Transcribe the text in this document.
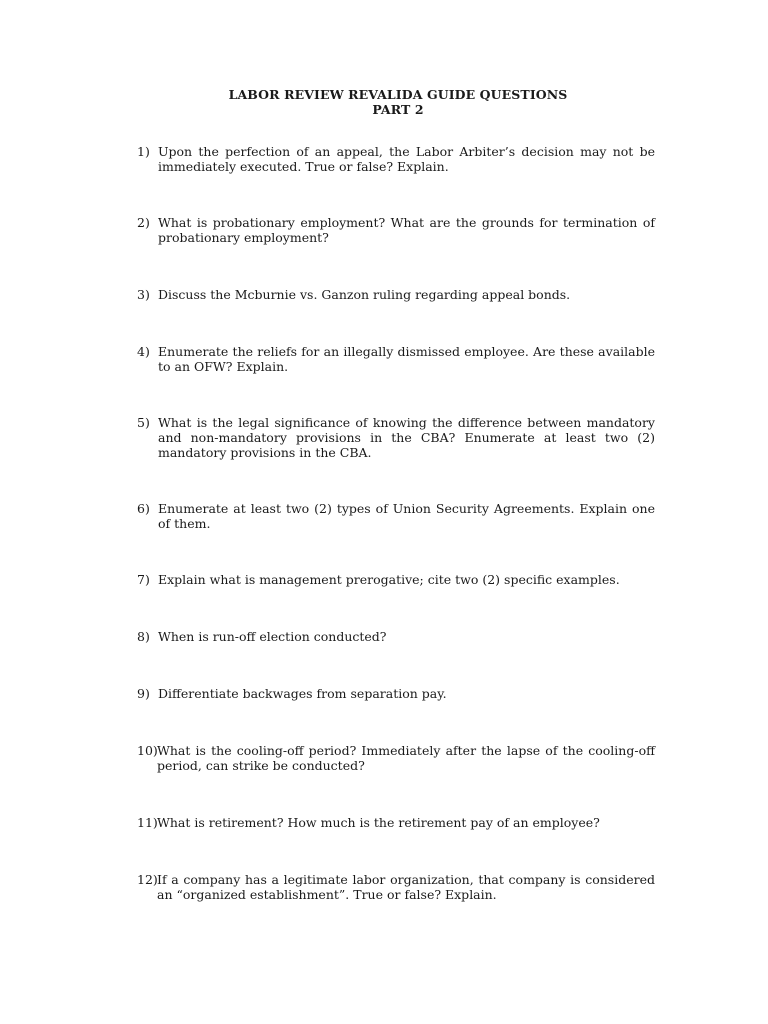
LABOR REVIEW REVALIDA GUIDE QUESTIONS
PART 2
1) Upon the perfection of an appeal, the Labor Arbiter’s decision may not be immediately executed. True or false? Explain.
2) What is probationary employment? What are the grounds for termination of probationary employment?
3) Discuss the Mcburnie vs. Ganzon ruling regarding appeal bonds.
4) Enumerate the reliefs for an illegally dismissed employee. Are these available to an OFW? Explain.
5) What is the legal significance of knowing the difference between mandatory and non-mandatory provisions in the CBA? Enumerate at least two (2) mandatory provisions in the CBA.
6) Enumerate at least two (2) types of Union Security Agreements. Explain one of them.
7) Explain what is management prerogative; cite two (2) specific examples.
8) When is run-off election conducted?
9) Differentiate backwages from separation pay.
10) What is the cooling-off period? Immediately after the lapse of the cooling-off period, can strike be conducted?
11) What is retirement? How much is the retirement pay of an employee?
12) If a company has a legitimate labor organization, that company is considered an “organized establishment”. True or false? Explain.
